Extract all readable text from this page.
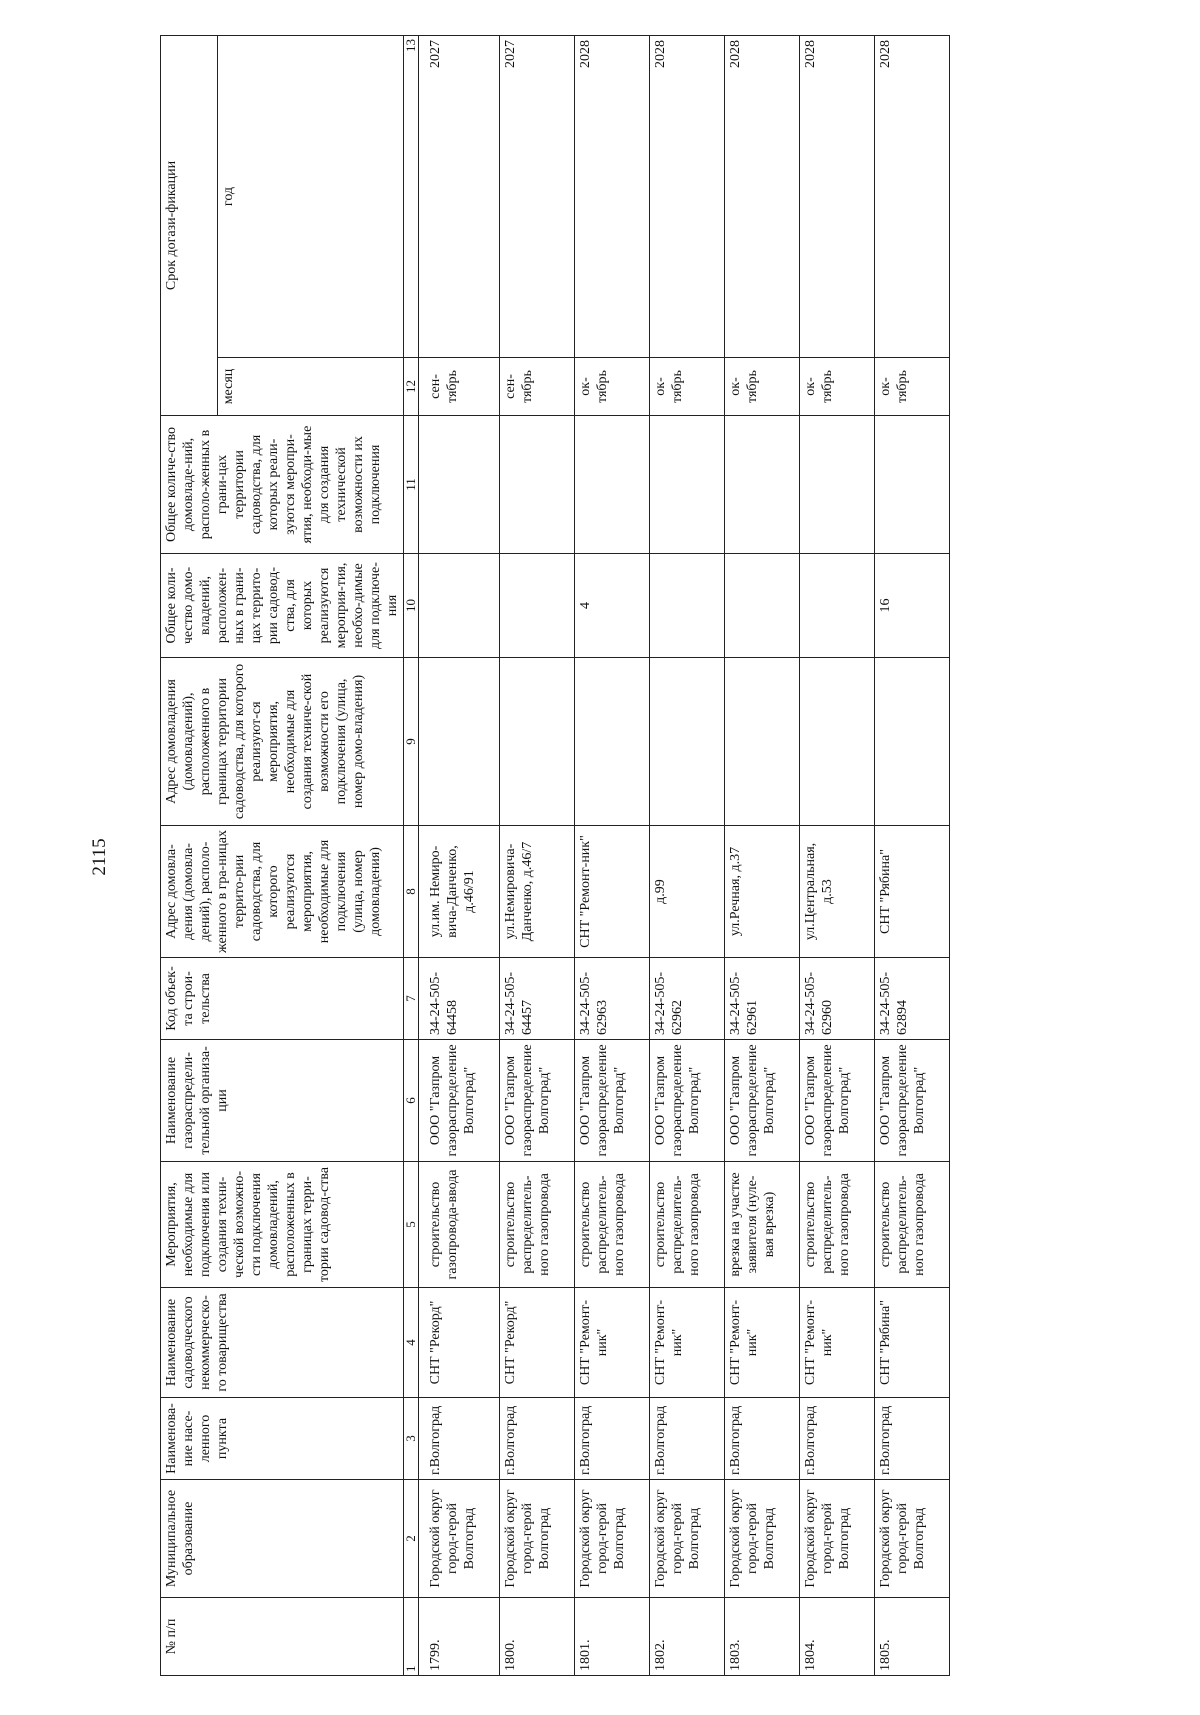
2115
№ п/п	Муниципальное образование	Наименова-ние насе-ленного пункта	Наименование садоводческого некоммерческо-го товарищества	Мероприятия, необходимые для подключения или создания техни-ческой возможно-сти подключения домовладений, расположенных в границах терри-тории садовод-ства	Наименование газораспредели-тельной организа-ции	Код объек-та строи-тельства	Адрес домовла-дения (домовла-дений), располо-женного в гра-ницах террито-рии садоводства, для которого реализуются мероприятия, необходимые для подключения (улица, номер домовладения)	Адрес домовладения (домовладений), расположенного в границах территории садоводства, для которого реализуют-ся мероприятия, необходимые для создания техниче-ской возможности его подключения (улица, номер домо-владения)	Общее коли-чество домо-владений, расположен-ных в грани-цах террито-рии садовод-ства, для которых реализуются мероприя-тия, необхо-димые для подключе-ния	Общее количе-ство домовладе-ний, располо-женных в грани-цах территории садоводства, для которых реали-зуются меропри-ятия, необходи-мые для создания технической возможности их подключения	Срок догази-фикации	
											месяц	год
1	2	3	4	5	6	7	8	9	10	11	12	13
1799.	Городской округ город-герой Волгоград	г.Волгоград	СНТ "Рекорд"	строительство газопровода-ввода	ООО "Газпром газораспределение Волгоград"	34-24-505-64458	ул.им. Немиро-вича-Данченко, д.46/91				сен-тябрь	2027
1800.	Городской округ город-герой Волгоград	г.Волгоград	СНТ "Рекорд"	строительство распределитель-ного газопровода	ООО "Газпром газораспределение Волгоград"	34-24-505-64457	ул.Немировича-Данченко, д.46/7				сен-тябрь	2027
1801.	Городской округ город-герой Волгоград	г.Волгоград	СНТ "Ремонт-ник"	строительство распределитель-ного газопровода	ООО "Газпром газораспределение Волгоград"	34-24-505-62963	СНТ "Ремонт-ник"		4		ок-тябрь	2028
1802.	Городской округ город-герой Волгоград	г.Волгоград	СНТ "Ремонт-ник"	строительство распределитель-ного газопровода	ООО "Газпром газораспределение Волгоград"	34-24-505-62962	д.99				ок-тябрь	2028
1803.	Городской округ город-герой Волгоград	г.Волгоград	СНТ "Ремонт-ник"	врезка на участке заявителя (нуле-вая врезка)	ООО "Газпром газораспределение Волгоград"	34-24-505-62961	ул.Речная, д.37				ок-тябрь	2028
1804.	Городской округ город-герой Волгоград	г.Волгоград	СНТ "Ремонт-ник"	строительство распределитель-ного газопровода	ООО "Газпром газораспределение Волгоград"	34-24-505-62960	ул.Центральная, д.53				ок-тябрь	2028
1805.	Городской округ город-герой Волгоград	г.Волгоград	СНТ "Рябина"	строительство распределитель-ного газопровода	ООО "Газпром газораспределение Волгоград"	34-24-505-62894	СНТ "Рябина"		16		ок-тябрь	2028
